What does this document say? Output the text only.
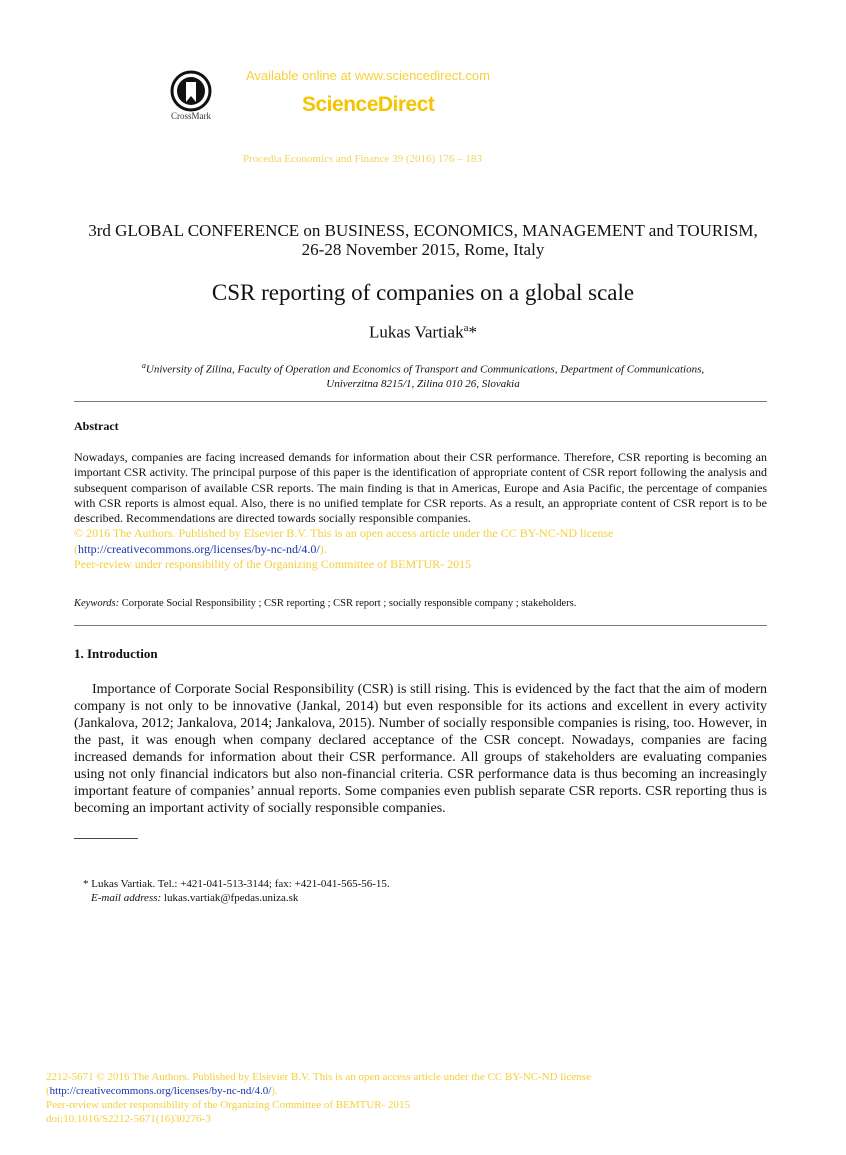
CrossMark
Available online at www.sciencedirect.com
ScienceDirect
Procedia Economics and Finance 39 (2016) 176 – 183
3rd GLOBAL CONFERENCE on BUSINESS, ECONOMICS, MANAGEMENT and TOURISM,
26-28 November 2015, Rome, Italy
CSR reporting of companies on a global scale
Lukas Vartiak$^a$*
$^a$University of Zilina, Faculty of Operation and Economics of Transport and Communications, Department of Communications,
Univerzitna 8215/1, Zilina 010 26, Slovakia
Abstract
Nowadays, companies are facing increased demands for information about their CSR performance. Therefore, CSR reporting is becoming an important CSR activity. The principal purpose of this paper is the identification of appropriate content of CSR report following the analysis and subsequent comparison of available CSR reports. The main finding is that in Americas, Europe and Asia Pacific, the percentage of companies with CSR reports is almost equal. Also, there is no unified template for CSR reports. As a result, an appropriate content of CSR report is to be described. Recommendations are directed towards socially responsible companies.
© 2016 The Authors. Published by Elsevier B.V. This is an open access article under the CC BY-NC-ND license
(http://creativecommons.org/licenses/by-nc-nd/4.0/).
Peer-review under responsibility of the Organizing Committee of BEMTUR- 2015
Keywords: Corporate Social Responsibility ; CSR reporting ; CSR report ; socially responsible company ; stakeholders.
1. Introduction
Importance of Corporate Social Responsibility (CSR) is still rising. This is evidenced by the fact that the aim of modern company is not only to be innovative (Jankal, 2014) but even responsible for its actions and excellent in every activity (Jankalova, 2012; Jankalova, 2014; Jankalova, 2015). Number of socially responsible companies is rising, too. However, in the past, it was enough when company declared acceptance of the CSR concept. Nowadays, companies are facing increased demands for information about their CSR performance. All groups of stakeholders are evaluating companies using not only financial indicators but also non-financial criteria. CSR performance data is thus becoming an increasingly important feature of companies’ annual reports. Some companies even publish separate CSR reports. CSR reporting thus is becoming an important activity of socially responsible companies.
* Lukas Vartiak. Tel.: +421-041-513-3144; fax: +421-041-565-56-15.
E-mail address: lukas.vartiak@fpedas.uniza.sk
2212-5671 © 2016 The Authors. Published by Elsevier B.V. This is an open access article under the CC BY-NC-ND license
(http://creativecommons.org/licenses/by-nc-nd/4.0/).
Peer-review under responsibility of the Organizing Committee of BEMTUR- 2015
doi:10.1016/S2212-5671(16)30276-3
